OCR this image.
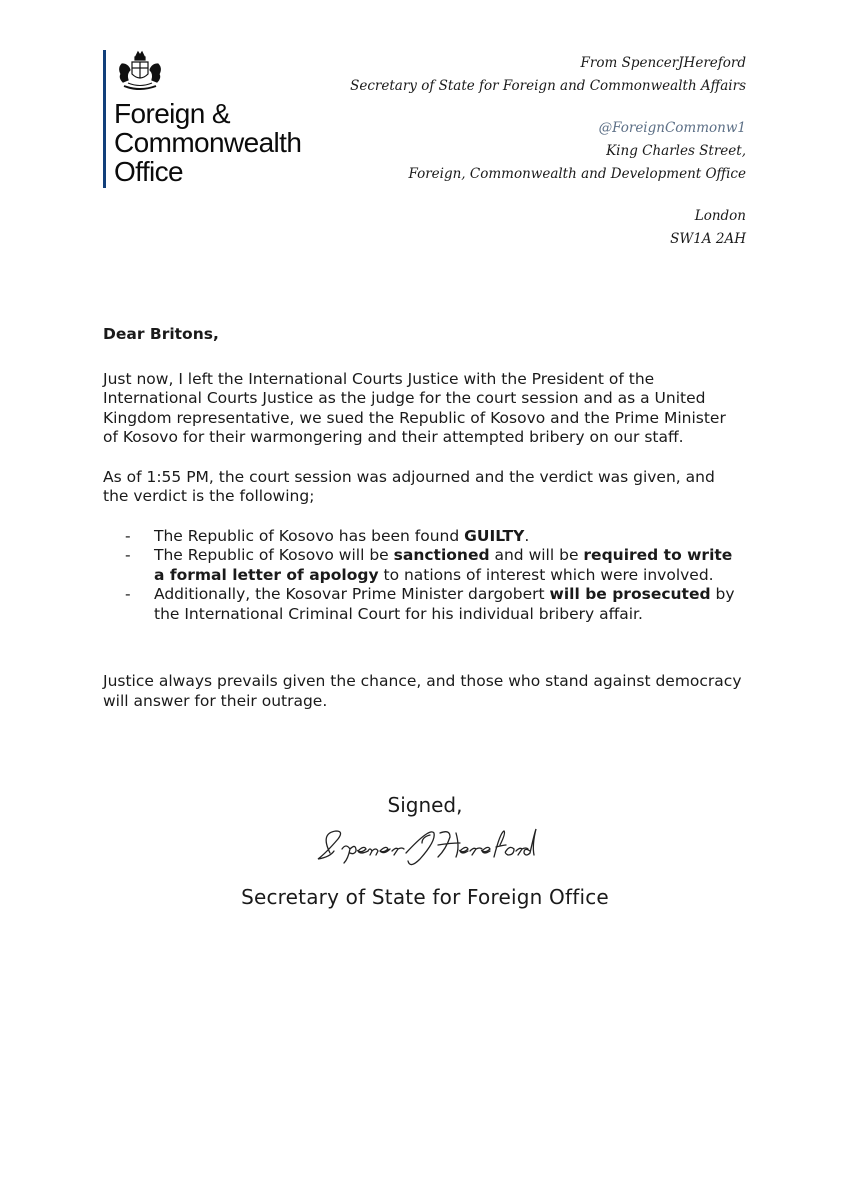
Foreign &
Commonwealth
Office
From SpencerJHereford
Secretary of State for Foreign and Commonwealth Affairs
@ForeignCommonw1
King Charles Street,
Foreign, Commonwealth and Development Office
London
SW1A 2AH

Dear Britons,

Just now, I left the International Courts Justice with the President of the International Courts Justice as the judge for the court session and as a United Kingdom representative, we sued the Republic of Kosovo and the Prime Minister of Kosovo for their warmongering and their attempted bribery on our staff.

As of 1:55 PM, the court session was adjourned and the verdict was given, and the verdict is the following;

- The Republic of Kosovo has been found GUILTY.
- The Republic of Kosovo will be sanctioned and will be required to write a formal letter of apology to nations of interest which were involved.
- Additionally, the Kosovar Prime Minister dargobert will be prosecuted by the International Criminal Court for his individual bribery affair.

Justice always prevails given the chance, and those who stand against democracy will answer for their outrage.

Signed,
Secretary of State for Foreign Office
